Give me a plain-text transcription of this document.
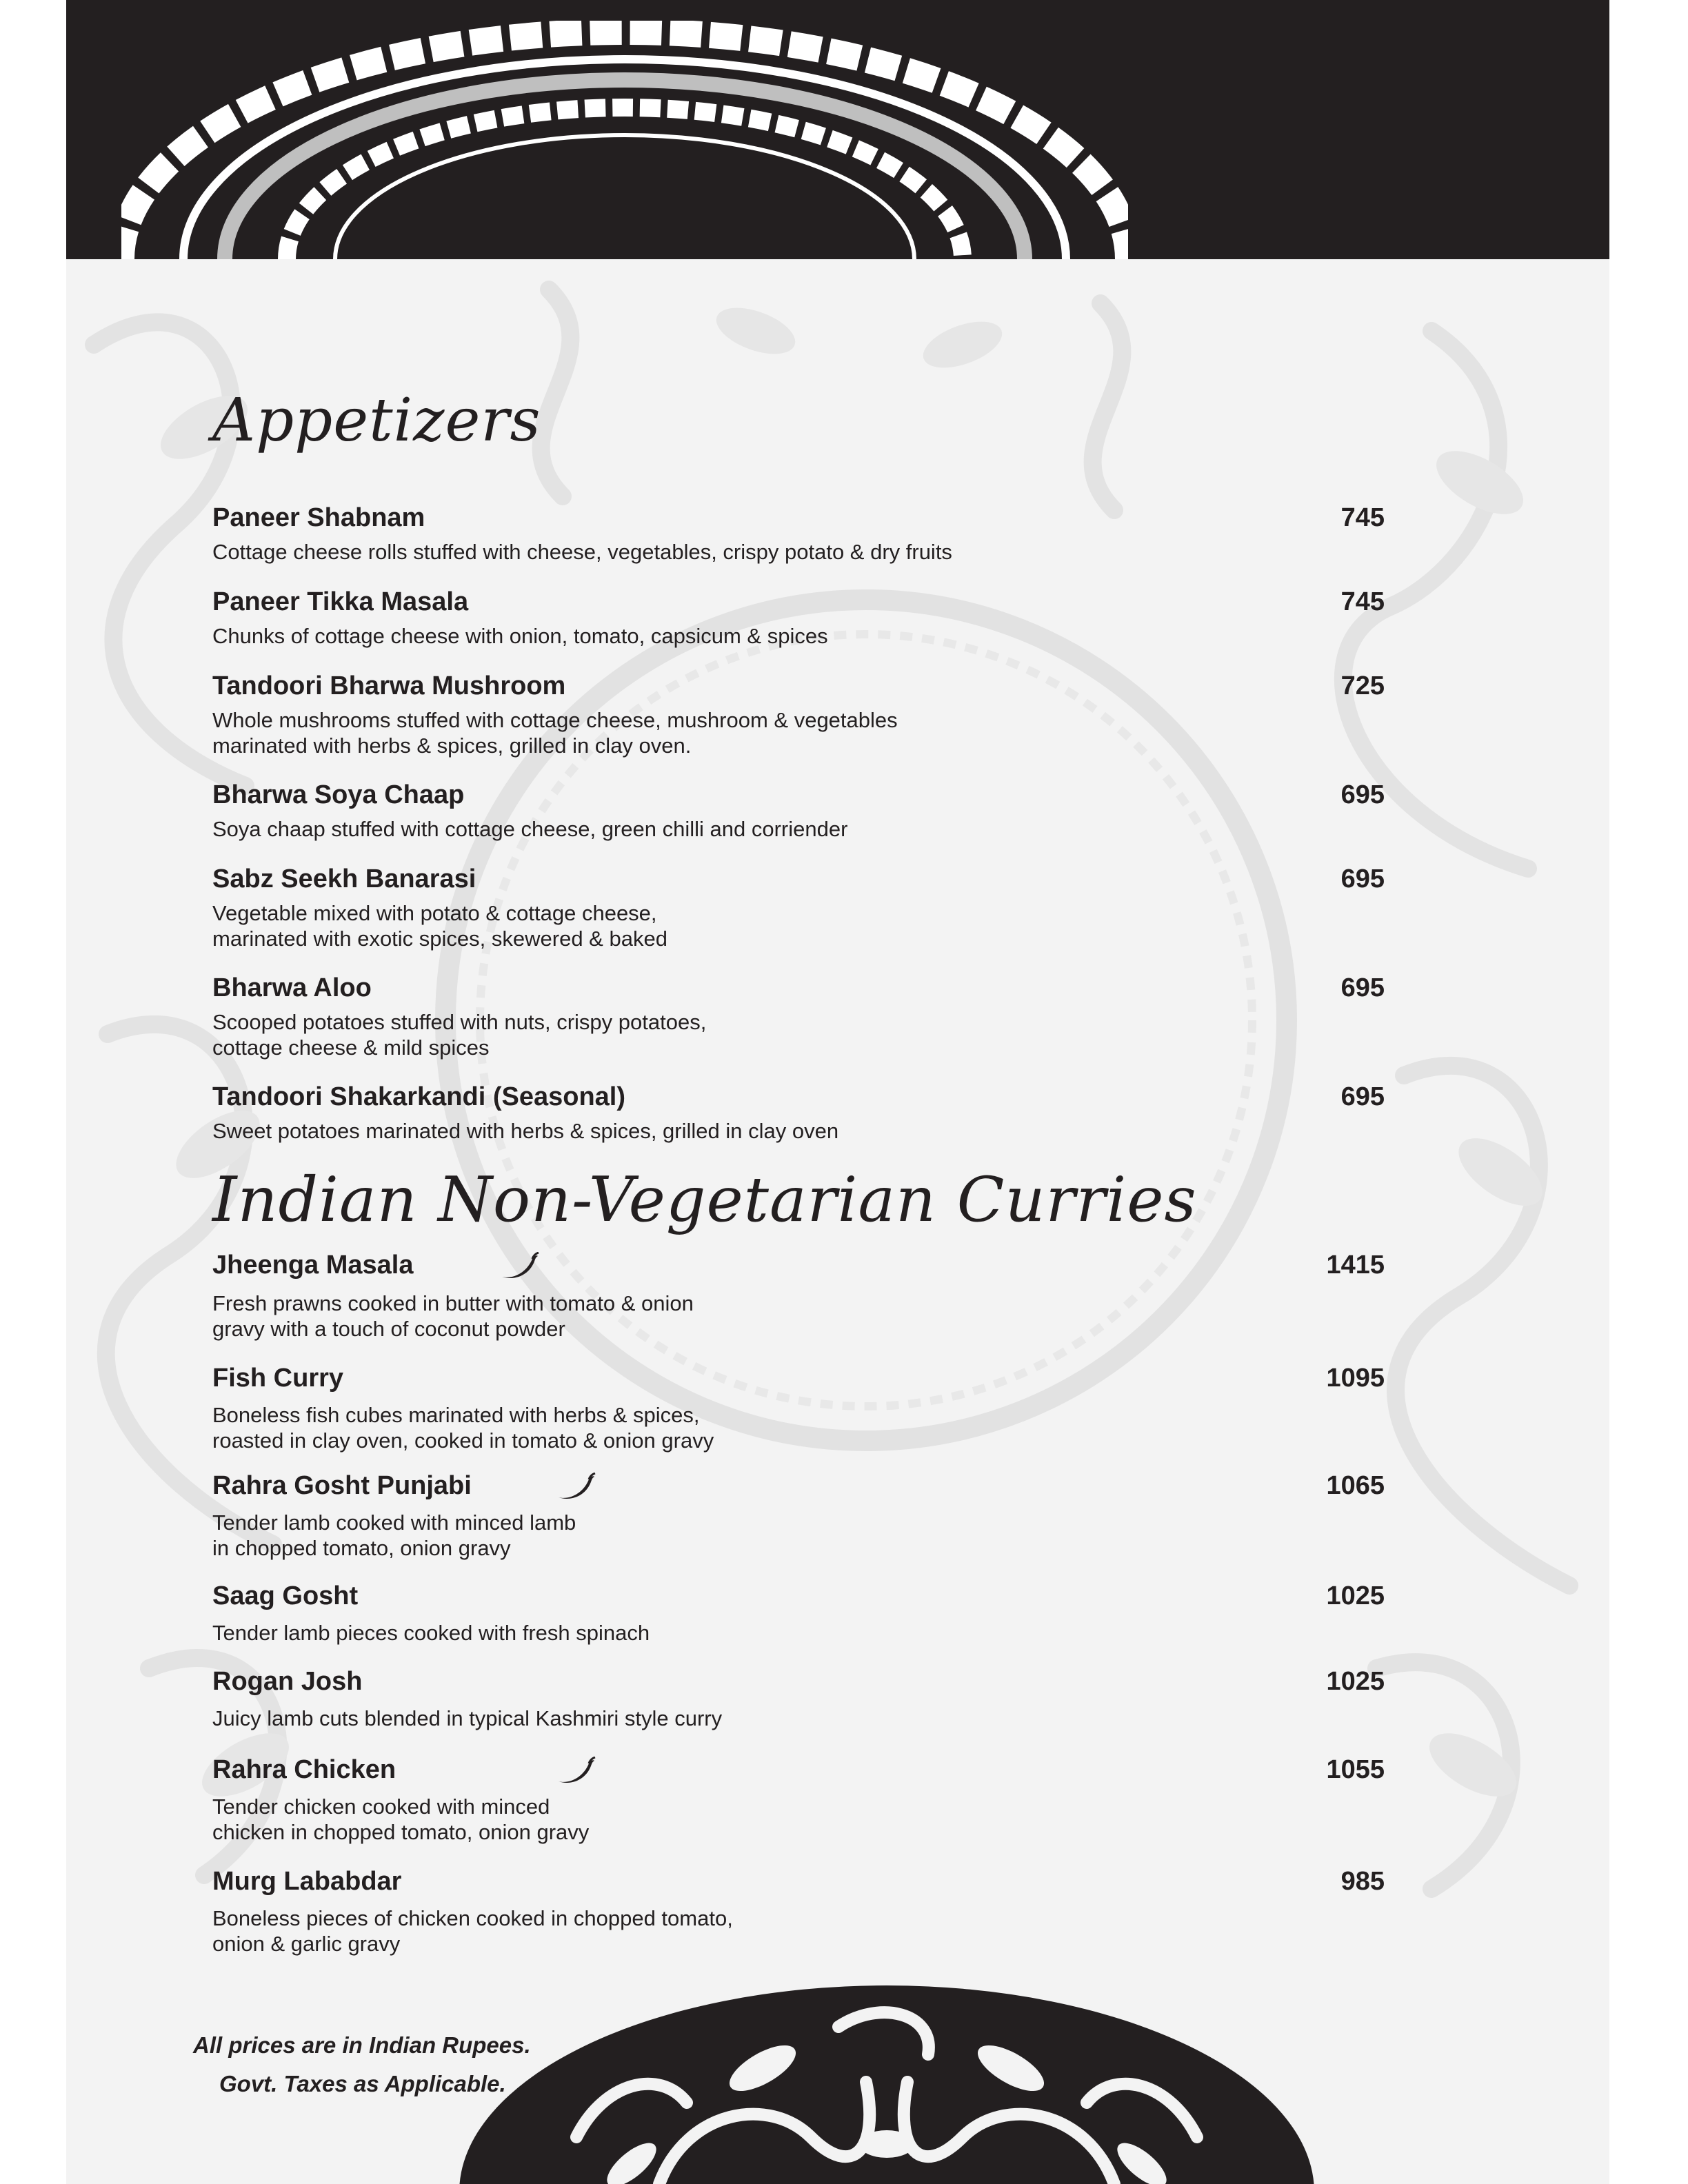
Appetizers
Paneer Shabnam	745
Cottage cheese rolls stuffed with cheese, vegetables, crispy potato & dry fruits
Paneer Tikka Masala	745
Chunks of cottage cheese with onion, tomato, capsicum & spices
Tandoori Bharwa Mushroom	725
Whole mushrooms stuffed with cottage cheese, mushroom & vegetables
marinated with herbs & spices, grilled in clay oven.
Bharwa Soya Chaap	695
Soya chaap stuffed with cottage cheese, green chilli and corriender
Sabz Seekh Banarasi	695
Vegetable mixed with potato & cottage cheese,
marinated with exotic spices, skewered & baked
Bharwa Aloo	695
Scooped potatoes stuffed with nuts, crispy potatoes,
cottage cheese & mild spices
Tandoori Shakarkandi (Seasonal)	695
Sweet potatoes marinated with herbs & spices, grilled in clay oven
Indian Non-Vegetarian Curries
Jheenga Masala	1415
Fresh prawns cooked in butter with tomato & onion
gravy with a touch of coconut powder
Fish Curry	1095
Boneless fish cubes marinated with herbs & spices,
roasted in clay oven, cooked in tomato & onion gravy
Rahra Gosht Punjabi	1065
Tender lamb cooked with minced lamb
in chopped tomato, onion gravy
Saag Gosht	1025
Tender lamb pieces cooked with fresh spinach
Rogan Josh	1025
Juicy lamb cuts blended in typical Kashmiri style curry
Rahra Chicken	1055
Tender chicken cooked with minced
chicken in chopped tomato, onion gravy
Murg Lababdar	985
Boneless pieces of chicken cooked in chopped tomato,
onion & garlic gravy
All prices are in Indian Rupees.
Govt. Taxes as Applicable.
